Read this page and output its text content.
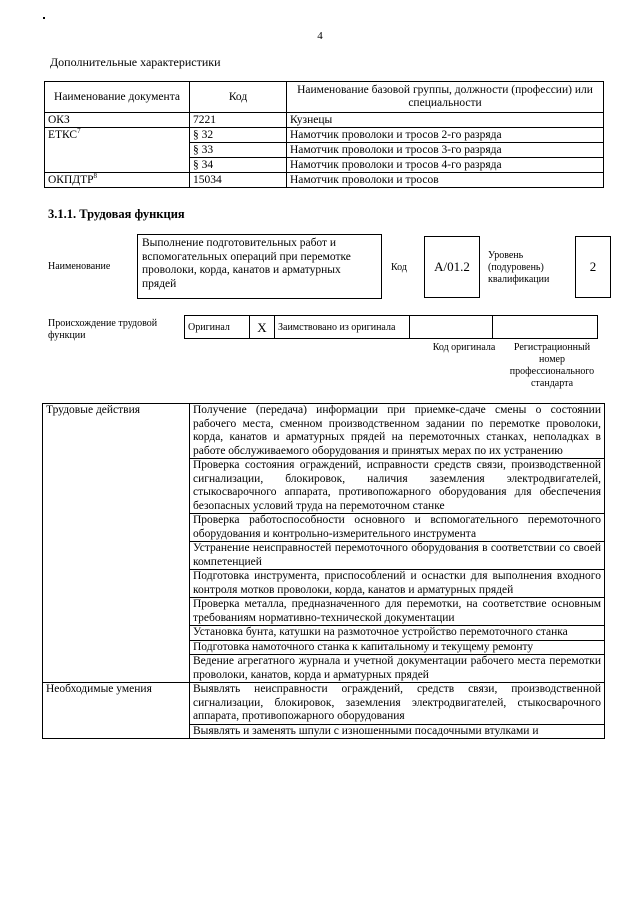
4
Дополнительные характеристики
Наименование документа	Код	Наименование базовой группы, должности (профессии) или специальности
ОКЗ	7221	Кузнецы
ЕТКС$^7$	§ 32	Намотчик проволоки и тросов 2-го разряда
	§ 33	Намотчик проволоки и тросов 3-го разряда
	§ 34	Намотчик проволоки и тросов 4-го разряда
ОКПДТР$^8$	15034	Намотчик проволоки и тросов
3.1.1. Трудовая функция
Наименование
Выполнение подготовительных работ и вспомогательных операций при перемотке проволоки, корда, канатов и арматурных прядей
Код	А/01.2
Уровень (подуровень) квалификации
2
Происхождение трудовой функции
Оригинал	X	Заимствовано из оригинала		
Код оригинала	Регистрационный номер профессионального стандарта
Трудовые действия	Получение (передача) информации при приемке-сдаче смены о состоянии рабочего места, сменном производственном задании по перемотке проволоки, корда, канатов и арматурных прядей на перемоточных станках, неполадках в работе обслуживаемого оборудования и принятых мерах по их устранению
	Проверка состояния ограждений, исправности средств связи, производственной сигнализации, блокировок, наличия заземления электродвигателей, стыкосварочного аппарата, противопожарного оборудования для обеспечения безопасных условий труда на перемоточном станке
	Проверка работоспособности основного и вспомогательного перемоточного оборудования и контрольно-измерительного инструмента
	Устранение неисправностей перемоточного оборудования в соответствии со своей компетенцией
	Подготовка инструмента, приспособлений и оснастки для выполнения входного контроля мотков проволоки, корда, канатов и арматурных прядей
	Проверка металла, предназначенного для перемотки, на соответствие основным требованиям нормативно-технической документации
	Установка бунта, катушки на размоточное устройство перемоточного станка
	Подготовка намоточного станка к капитальному и текущему ремонту
	Ведение агрегатного журнала и учетной документации рабочего места перемотки проволоки, канатов, корда и арматурных прядей
Необходимые умения	Выявлять неисправности ограждений, средств связи, производственной сигнализации, блокировок, заземления электродвигателей, стыкосварочного аппарата, противопожарного оборудования
	Выявлять и заменять шпули с изношенными посадочными втулками и
